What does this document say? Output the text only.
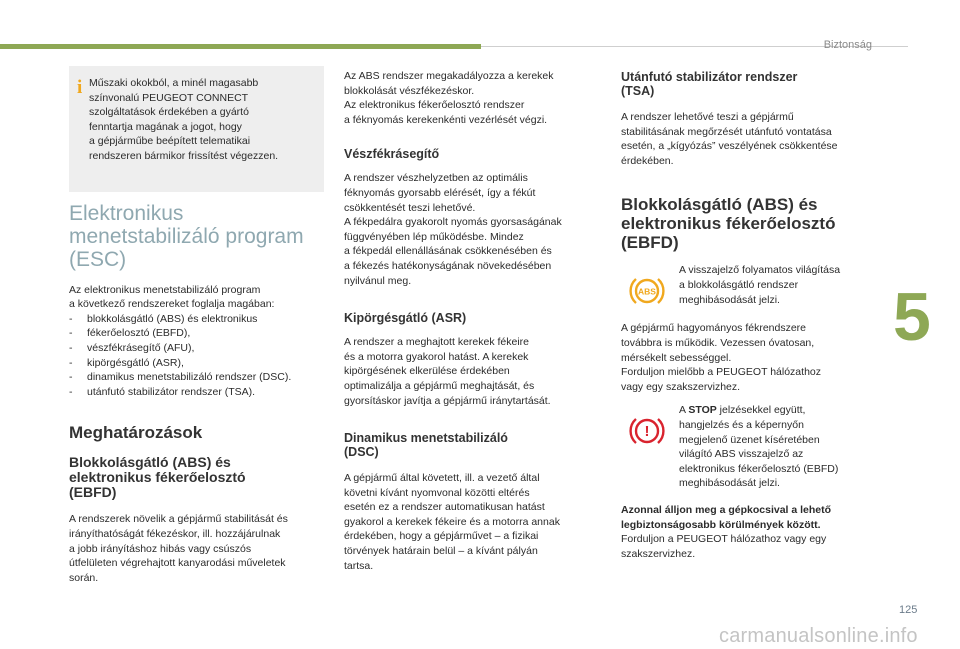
Biztonság
5
125
carmanualsonline.info
i Műszaki okokból, a minél magasabb

színvonalú PEUGEOT CONNECT

szolgáltatások érdekében a gyártó

fenntartja magának a jogot, hogy

a gépjárműbe beépített telematikai

rendszeren bármikor frissítést végezzen.

Elektronikus
menetstabilizáló program
(ESC)

Az elektronikus menetstabilizáló program

a következő rendszereket foglalja magában:

- blokkolásgátló (ABS) és elektronikus
- fékerőelosztó (EBFD),
- vészfékrásegítő (AFU),
- kipörgésgátló (ASR),
- dinamikus menetstabilizáló rendszer (DSC).
- utánfutó stabilizátor rendszer (TSA).
Meghatározások
Blokkolásgátló (ABS) és
elektronikus fékerőelosztó
(EBFD)

A rendszerek növelik a gépjármű stabilitását és

irányíthatóságát fékezéskor, ill. hozzájárulnak

a jobb irányításhoz hibás vagy csúszós

útfelületen végrehajtott kanyarodási műveletek

során.

Az ABS rendszer megakadályozza a kerekek

blokkolását vészfékezéskor.

Az elektronikus fékerőelosztó rendszer

a féknyomás kerekenkénti vezérlését végzi.

Vészfékrásegítő

A rendszer vészhelyzetben az optimális

féknyomás gyorsabb elérését, így a fékút

csökkentését teszi lehetővé.

A fékpedálra gyakorolt nyomás gyorsaságának

függvényében lép működésbe. Mindez

a fékpedál ellenállásának csökkenésében és

a fékezés hatékonyságának növekedésében

nyilvánul meg.

Kipörgésgátló (ASR)

A rendszer a meghajtott kerekek fékeire

és a motorra gyakorol hatást. A kerekek

kipörgésének elkerülése érdekében

optimalizálja a gépjármű meghajtását, és

gyorsításkor javítja a gépjármű iránytartását.

Dinamikus menetstabilizáló
(DSC)

A gépjármű által követett, ill. a vezető által

követni kívánt nyomvonal közötti eltérés

esetén ez a rendszer automatikusan hatást

gyakorol a kerekek fékeire és a motorra annak

érdekében, hogy a gépjárművet – a fizikai

törvények határain belül – a kívánt pályán

tartsa.

Utánfutó stabilizátor rendszer
(TSA)

A rendszer lehetővé teszi a gépjármű

stabilitásának megőrzését utánfutó vontatása

esetén, a „kígyózás” veszélyének csökkentése

érdekében.

Blokkolásgátló (ABS) és
elektronikus fékerőelosztó
(EBFD)
ABS

A visszajelző folyamatos világítása

a blokkolásgátló rendszer

meghibásodását jelzi.

A gépjármű hagyományos fékrendszere

továbbra is működik. Vezessen óvatosan,

mérsékelt sebességgel.

Forduljon mielőbb a PEUGEOT hálózathoz

vagy egy szakszervizhez.

!

A STOP jelzésekkel együtt,

hangjelzés és a képernyőn

megjelenő üzenet kíséretében

világító ABS visszajelző az

elektronikus fékerőelosztó (EBFD)

meghibásodását jelzi.

Azonnal álljon meg a gépkocsival a lehető

legbiztonságosabb körülmények között.

Forduljon a PEUGEOT hálózathoz vagy egy

szakszervizhez.
